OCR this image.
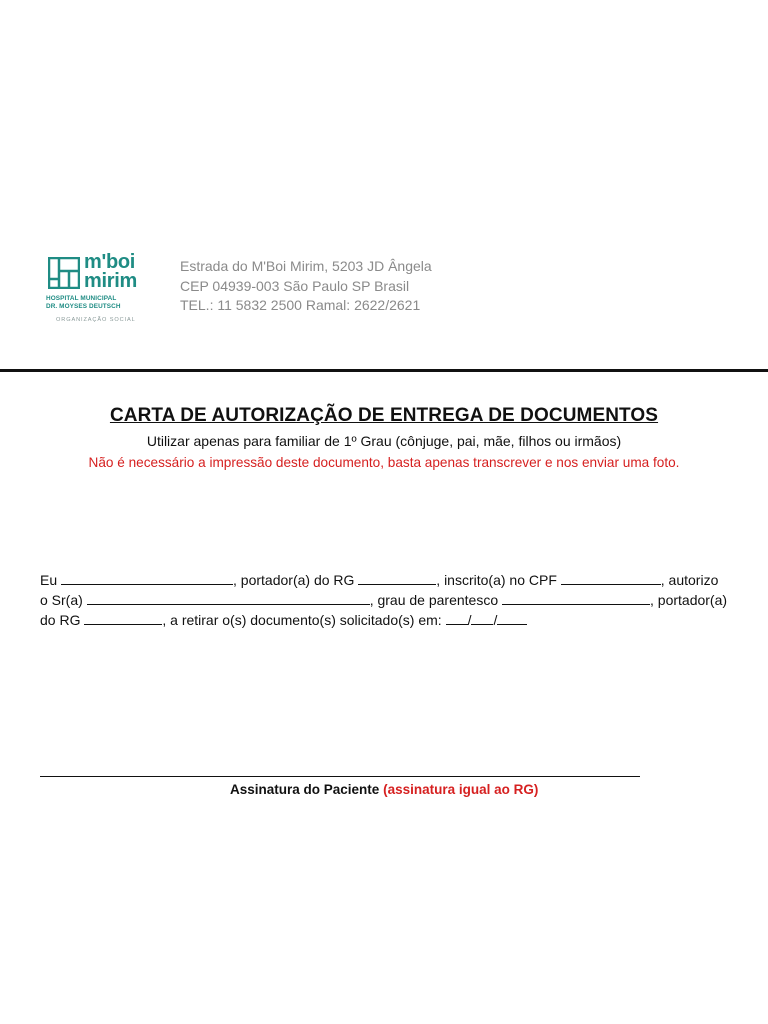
m'boi
mirim
HOSPITAL MUNICIPAL
DR. MOYSES DEUTSCH
ORGANIZAÇÃO SOCIAL
Estrada do M'Boi Mirim, 5203 JD Ângela
CEP 04939-003 São Paulo SP Brasil
TEL.: 11 5832 2500 Ramal: 2622/2621
CARTA DE AUTORIZAÇÃO DE ENTREGA DE DOCUMENTOS
Utilizar apenas para familiar de 1º Grau (cônjuge, pai, mãe, filhos ou irmãos)
Não é necessário a impressão deste documento, basta apenas transcrever e nos enviar uma foto.
Eu	, portador(a) do RG	, inscrito(a) no CPF	, autorizo
o Sr(a)	, grau de parentesco	, portador(a)
do RG	, a retirar o(s) documento(s) solicitado(s) em: / /
Assinatura do Paciente (assinatura igual ao RG)
